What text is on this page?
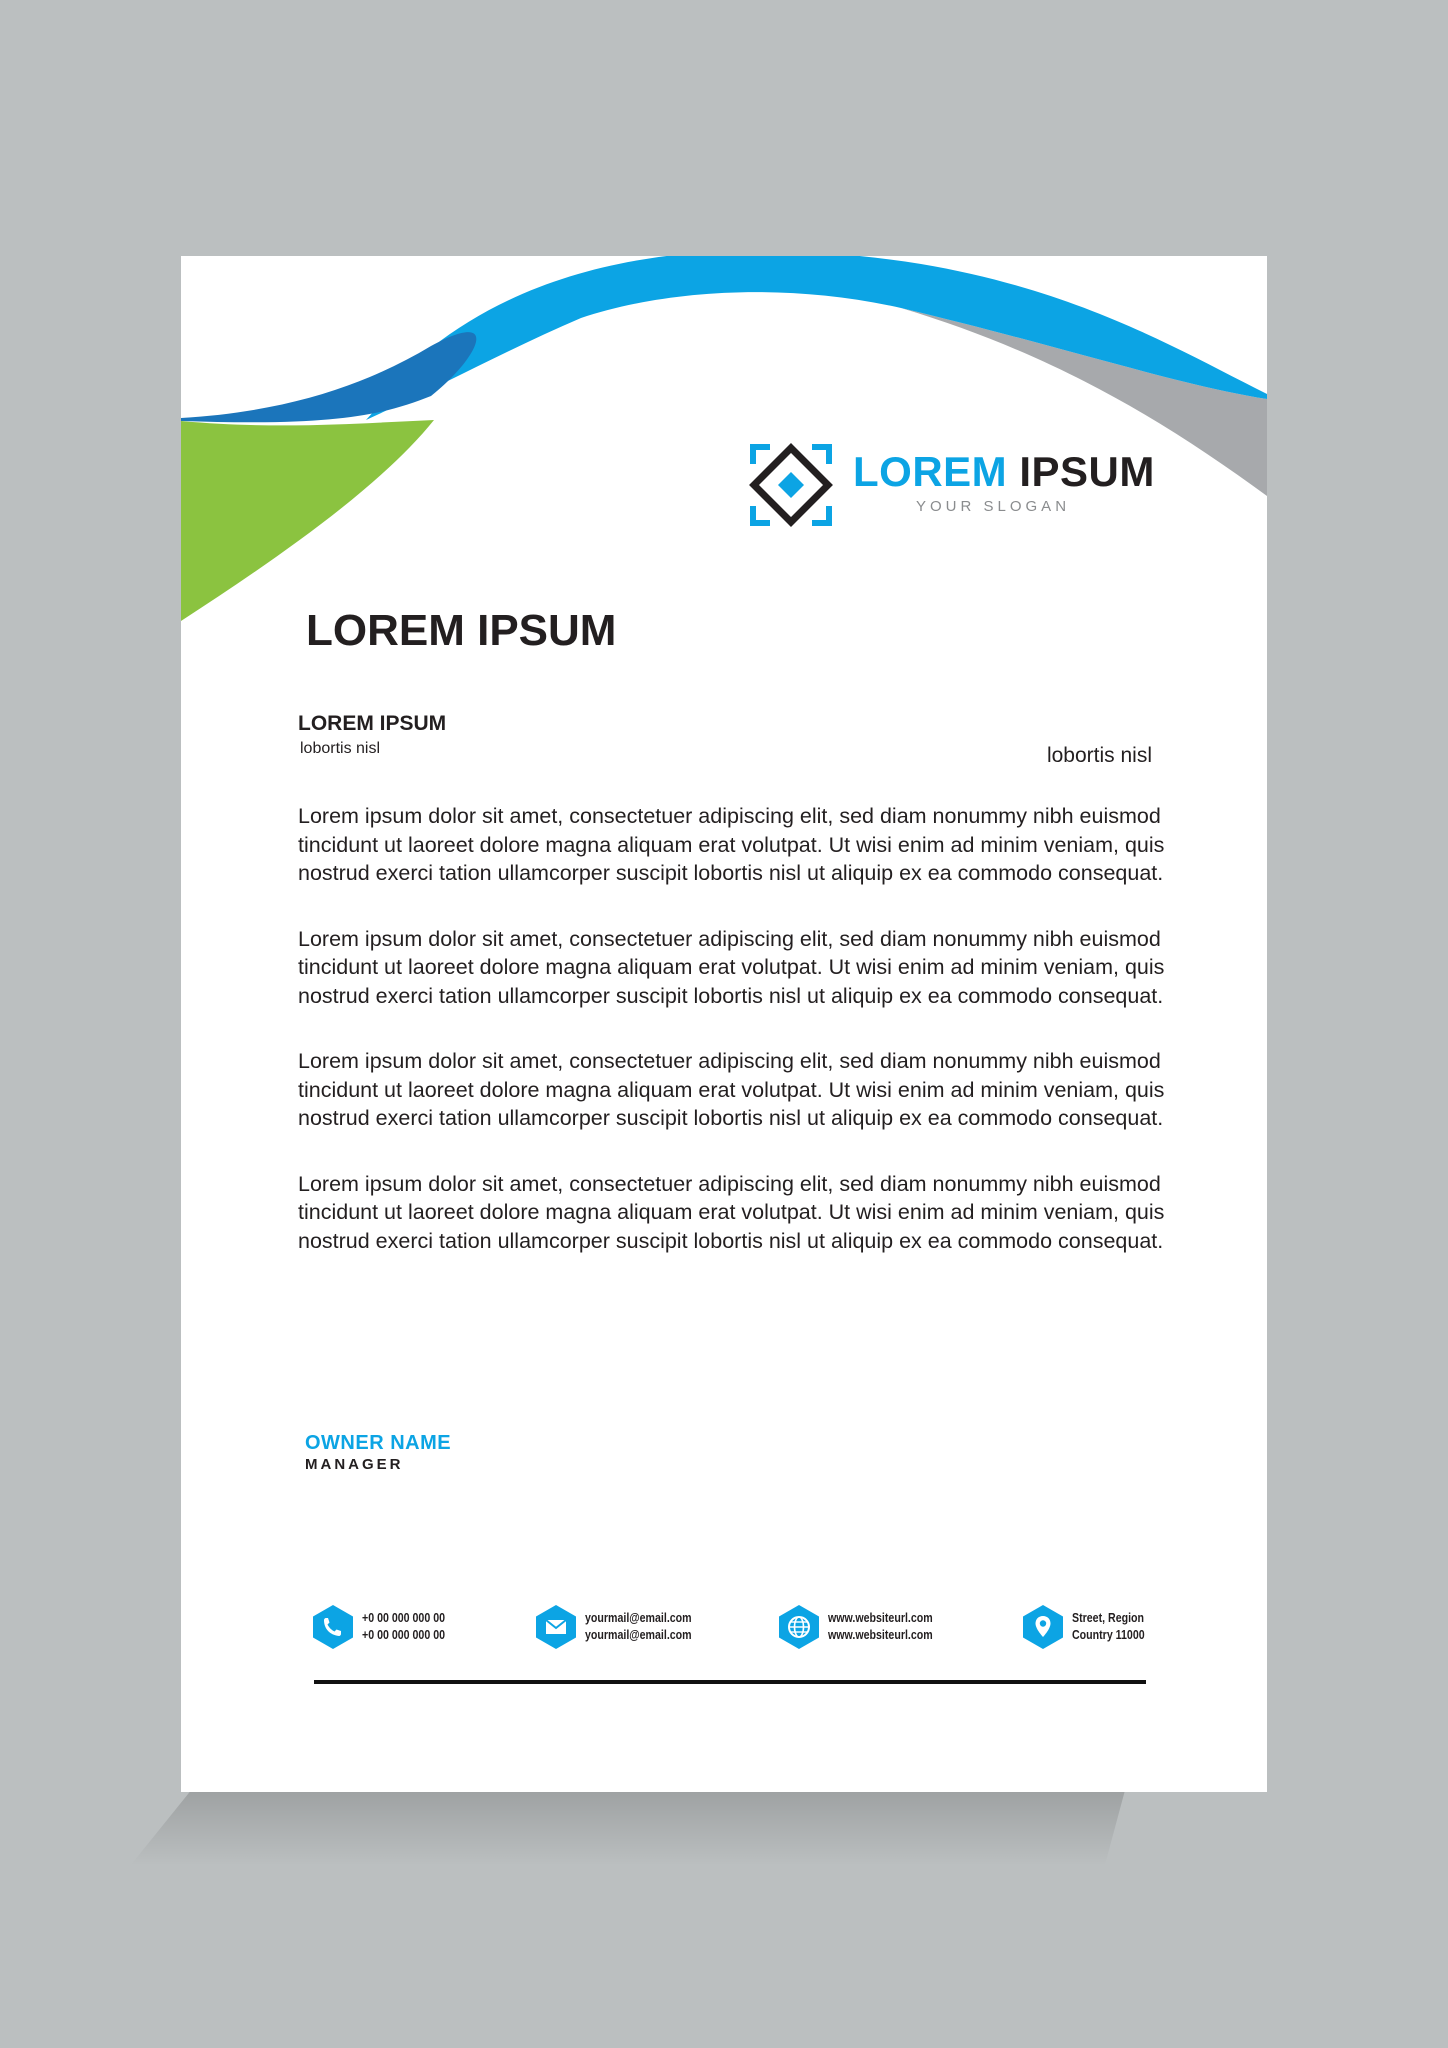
LOREM IPSUM
YOUR SLOGAN
LOREM IPSUM
LOREM IPSUM
lobortis nisl	lobortis nisl

Lorem ipsum dolor sit amet, consectetuer adipiscing elit, sed diam nonummy nibh euismod tincidunt ut laoreet dolore magna aliquam erat volutpat. Ut wisi enim ad minim veniam, quis nostrud exerci tation ullamcorper suscipit lobortis nisl ut aliquip ex ea commodo consequat.

Lorem ipsum dolor sit amet, consectetuer adipiscing elit, sed diam nonummy nibh euismod tincidunt ut laoreet dolore magna aliquam erat volutpat. Ut wisi enim ad minim veniam, quis nostrud exerci tation ullamcorper suscipit lobortis nisl ut aliquip ex ea commodo consequat.

Lorem ipsum dolor sit amet, consectetuer adipiscing elit, sed diam nonummy nibh euismod tincidunt ut laoreet dolore magna aliquam erat volutpat. Ut wisi enim ad minim veniam, quis nostrud exerci tation ullamcorper suscipit lobortis nisl ut aliquip ex ea commodo consequat.

Lorem ipsum dolor sit amet, consectetuer adipiscing elit, sed diam nonummy nibh euismod tincidunt ut laoreet dolore magna aliquam erat volutpat. Ut wisi enim ad minim veniam, quis nostrud exerci tation ullamcorper suscipit lobortis nisl ut aliquip ex ea commodo consequat.

OWNER NAME
MANAGER
+0 00 000 000 00
+0 00 000 000 00
yourmail@email.com
yourmail@email.com
www.websiteurl.com
www.websiteurl.com
Street, Region
Country 11000
